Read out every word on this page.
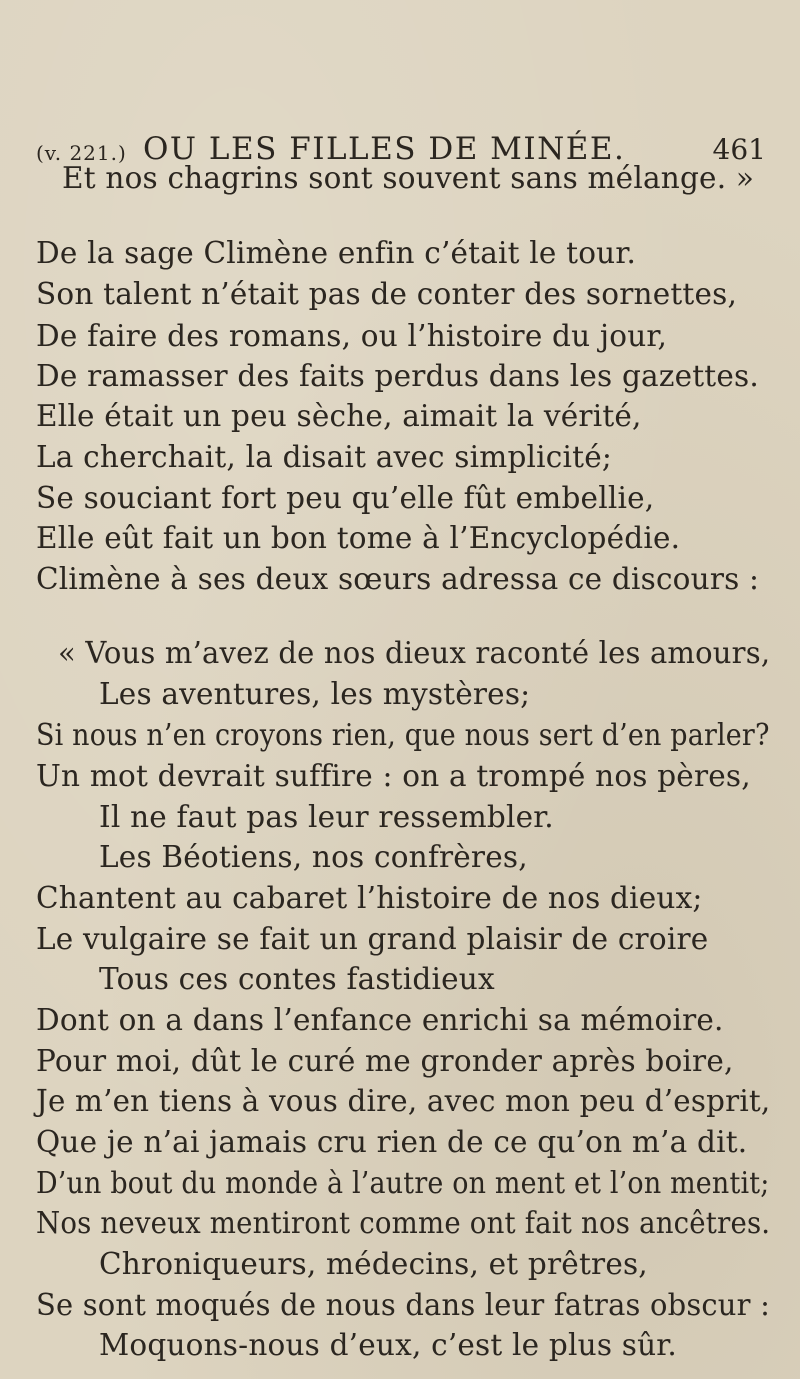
(v. 221.) OU LES FILLES DE MINÉE.	461
Et nos chagrins sont souvent sans mélange. »
De la sage Climène enfin c’était le tour.
Son talent n’était pas de conter des sornettes,
De faire des romans, ou l’histoire du jour,
De ramasser des faits perdus dans les gazettes.
Elle était un peu sèche, aimait la vérité,
La cherchait, la disait avec simplicité;
Se souciant fort peu qu’elle fût embellie,
Elle eût fait un bon tome à l’Encyclopédie.
Climène à ses deux sœurs adressa ce discours :
« Vous m’avez de nos dieux raconté les amours,
Les aventures, les mystères;
Si nous n’en croyons rien, que nous sert d’en parler?
Un mot devrait suffire : on a trompé nos pères,
Il ne faut pas leur ressembler.
Les Béotiens, nos confrères,
Chantent au cabaret l’histoire de nos dieux;
Le vulgaire se fait un grand plaisir de croire
Tous ces contes fastidieux
Dont on a dans l’enfance enrichi sa mémoire.
Pour moi, dût le curé me gronder après boire,
Je m’en tiens à vous dire, avec mon peu d’esprit,
Que je n’ai jamais cru rien de ce qu’on m’a dit.
D’un bout du monde à l’autre on ment et l’on mentit;
Nos neveux mentiront comme ont fait nos ancêtres.
Chroniqueurs, médecins, et prêtres,
Se sont moqués de nous dans leur fatras obscur :
Moquons-nous d’eux, c’est le plus sûr.
